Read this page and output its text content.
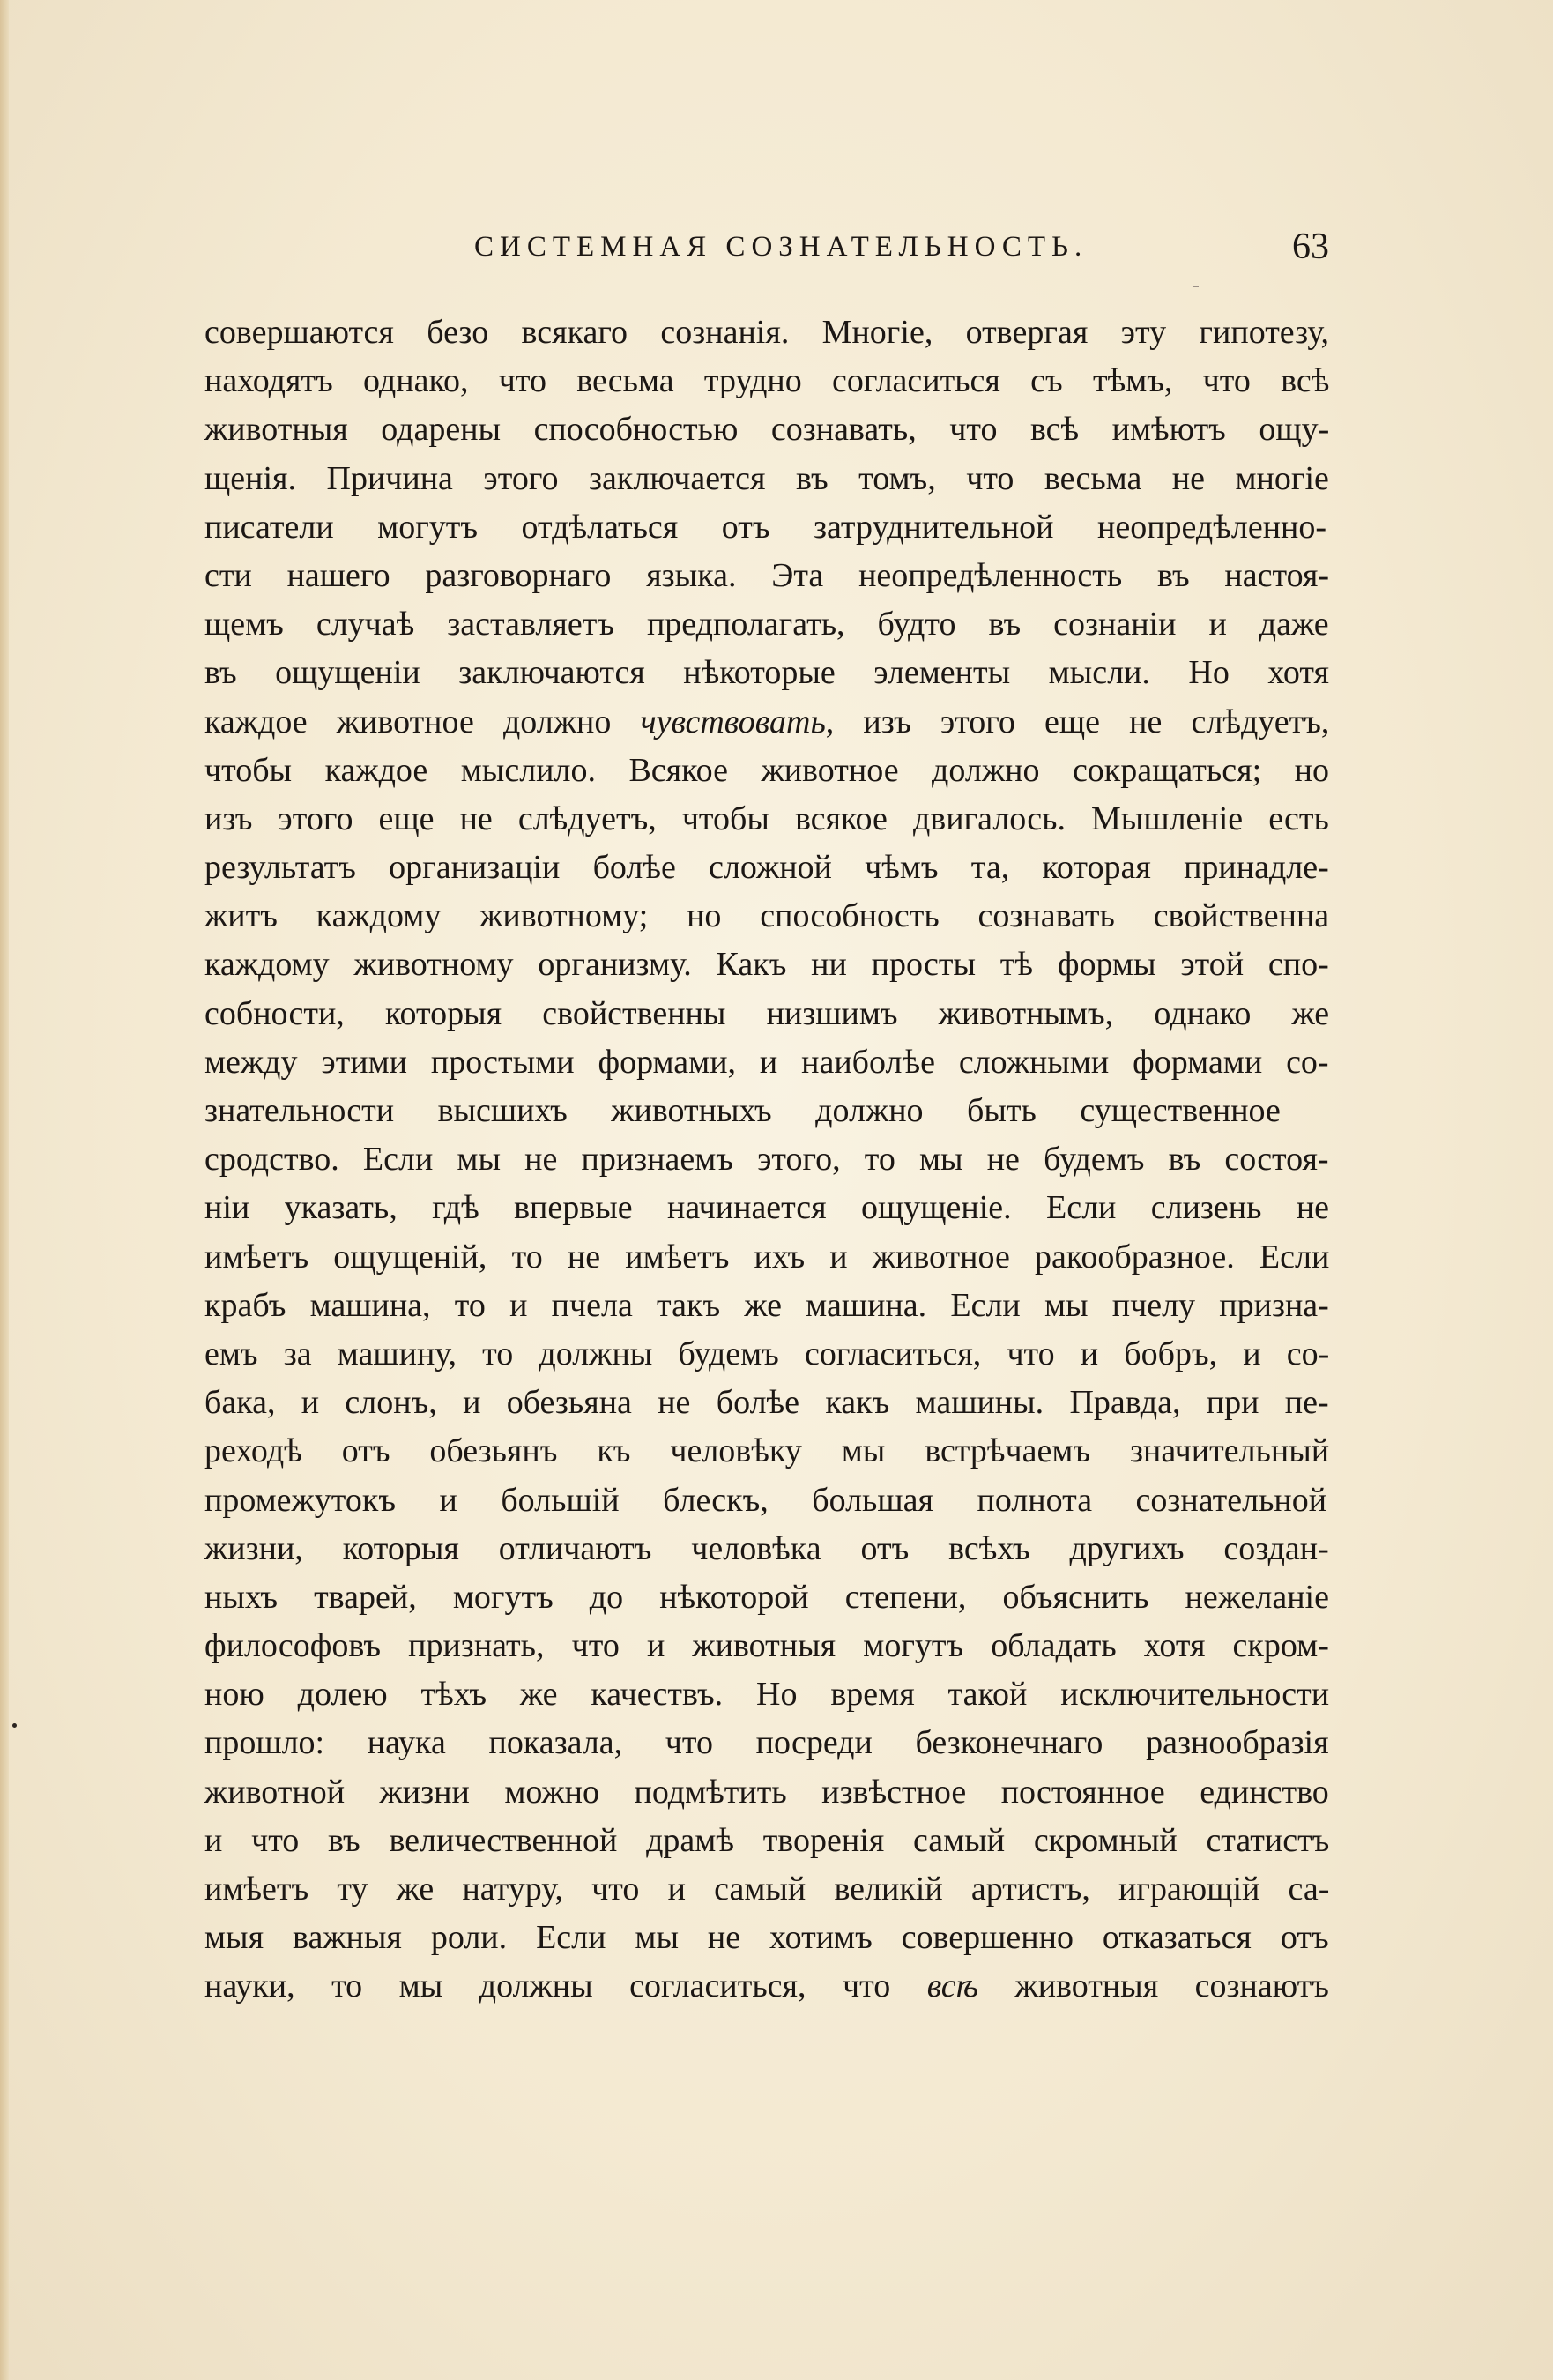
СИСТЕМНАЯ СОЗНАТЕЛЬНОСТЬ.	63
совершаются безо всякаго сознанія. Многіе, отвергая эту гипотезу,
находятъ однако, что весьма трудно согласиться съ тѣмъ, что всѣ
животныя одарены способностью сознавать, что всѣ имѣютъ ощу-
щенія. Причина этого заключается въ томъ, что весьма не многіе
писатели могутъ отдѣлаться отъ затруднительной неопредѣленно-
сти нашего разговорнаго языка. Эта неопредѣленность въ настоя-
щемъ случаѣ заставляетъ предполагать, будто въ сознаніи и даже
въ ощущеніи заключаются нѣкоторые элементы мысли. Но хотя
каждое животное должно чувствовать, изъ этого еще не слѣдуетъ,
чтобы каждое мыслило. Всякое животное должно сокращаться; но
изъ этого еще не слѣдуетъ, чтобы всякое двигалось. Мышленіе есть
результатъ организаціи болѣе сложной чѣмъ та, которая принадле-
житъ каждому животному; но способность сознавать свойственна
каждому животному организму. Какъ ни просты тѣ формы этой спо-
собности, которыя свойственны низшимъ животнымъ, однако же
между этими простыми формами, и наиболѣе сложными формами со-
знательности высшихъ животныхъ должно быть существенное
сродство. Если мы не признаемъ этого, то мы не будемъ въ состоя-
ніи указать, гдѣ впервые начинается ощущеніе. Если слизень не
имѣетъ ощущеній, то не имѣетъ ихъ и животное ракообразное. Если
крабъ машина, то и пчела такъ же машина. Если мы пчелу призна-
емъ за машину, то должны будемъ согласиться, что и бобръ, и со-
бака, и слонъ, и обезьяна не болѣе какъ машины. Правда, при пе-
реходѣ отъ обезьянъ къ человѣку мы встрѣчаемъ значительный
промежутокъ и большій блескъ, большая полнота сознательной
жизни, которыя отличаютъ человѣка отъ всѣхъ другихъ создан-
ныхъ тварей, могутъ до нѣкоторой степени, объяснить нежеланіе
философовъ признать, что и животныя могутъ обладать хотя скром-
ною долею тѣхъ же качествъ. Но время такой исключительности
прошло: наука показала, что посреди безконечнаго разнообразія
животной жизни можно подмѣтить извѣстное постоянное единство
и что въ величественной драмѣ творенія самый скромный статистъ
имѣетъ ту же натуру, что и самый великій артистъ, играющій са-
мыя важныя роли. Если мы не хотимъ совершенно отказаться отъ
науки, то мы должны согласиться, что всѣ животныя сознаютъ
